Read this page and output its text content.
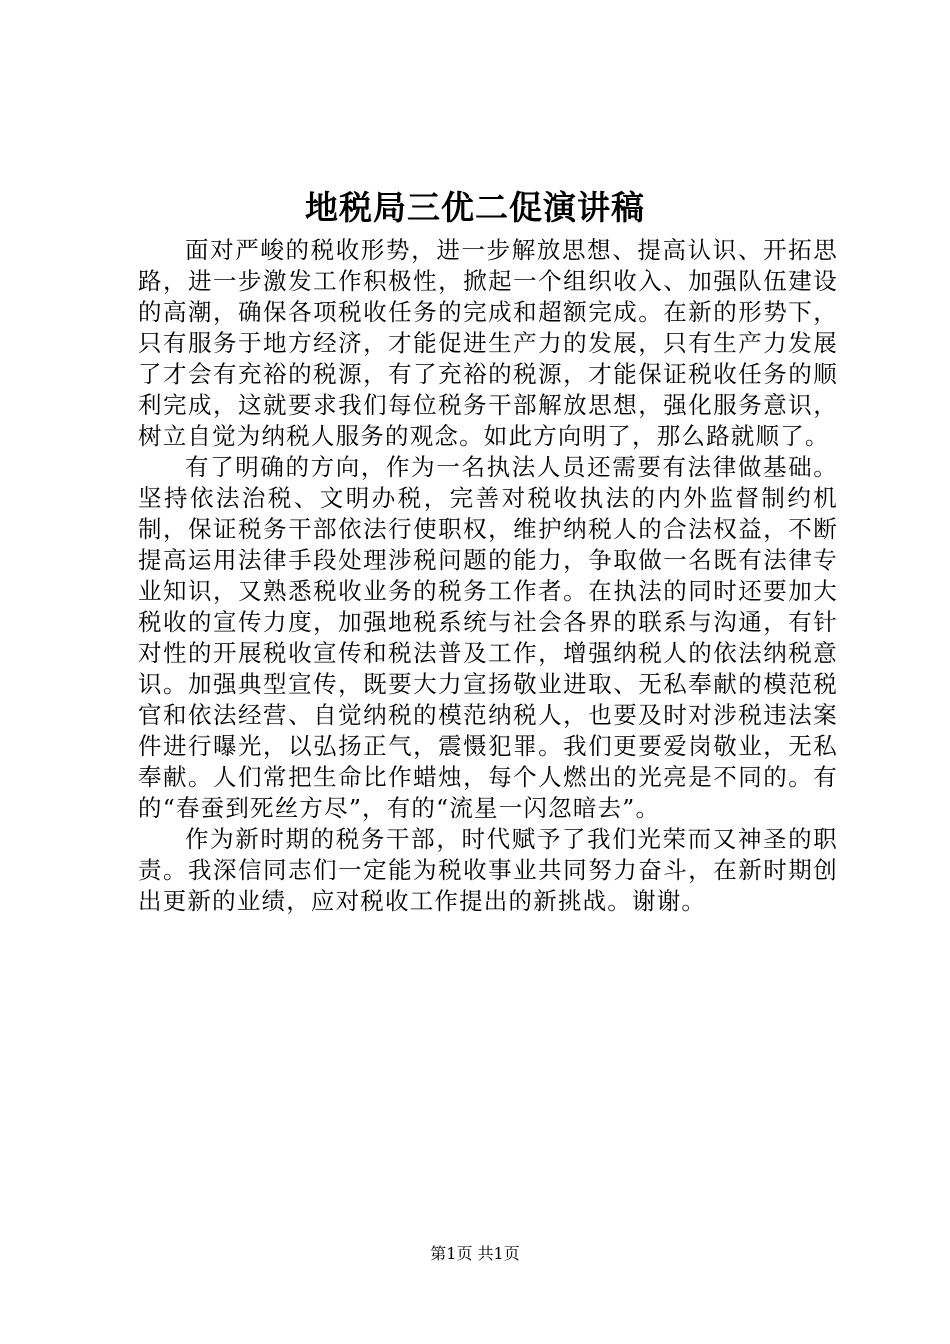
地税局三优二促演讲稿

面对严峻的税收形势，进一步解放思想、提高认识、开拓思路，进一步激发工作积极性，掀起一个组织收入、加强队伍建设的高潮，确保各项税收任务的完成和超额完成。在新的形势下，只有服务于地方经济，才能促进生产力的发展，只有生产力发展了才会有充裕的税源，有了充裕的税源，才能保证税收任务的顺利完成，这就要求我们每位税务干部解放思想，强化服务意识，树立自觉为纳税人服务的观念。如此方向明了，那么路就顺了。

有了明确的方向，作为一名执法人员还需要有法律做基础。坚持依法治税、文明办税，完善对税收执法的内外监督制约机制，保证税务干部依法行使职权，维护纳税人的合法权益，不断提高运用法律手段处理涉税问题的能力，争取做一名既有法律专业知识，又熟悉税收业务的税务工作者。在执法的同时还要加大税收的宣传力度，加强地税系统与社会各界的联系与沟通，有针对性的开展税收宣传和税法普及工作，增强纳税人的依法纳税意识。加强典型宣传，既要大力宣扬敬业进取、无私奉献的模范税官和依法经营、自觉纳税的模范纳税人，也要及时对涉税违法案件进行曝光，以弘扬正气，震慑犯罪。我们更要爱岗敬业，无私奉献。人们常把生命比作蜡烛，每个人燃出的光亮是不同的。有的“春蚕到死丝方尽”，有的“流星一闪忽暗去”。

作为新时期的税务干部，时代赋予了我们光荣而又神圣的职责。我深信同志们一定能为税收事业共同努力奋斗，在新时期创出更新的业绩，应对税收工作提出的新挑战。谢谢。

第1页 共1页
